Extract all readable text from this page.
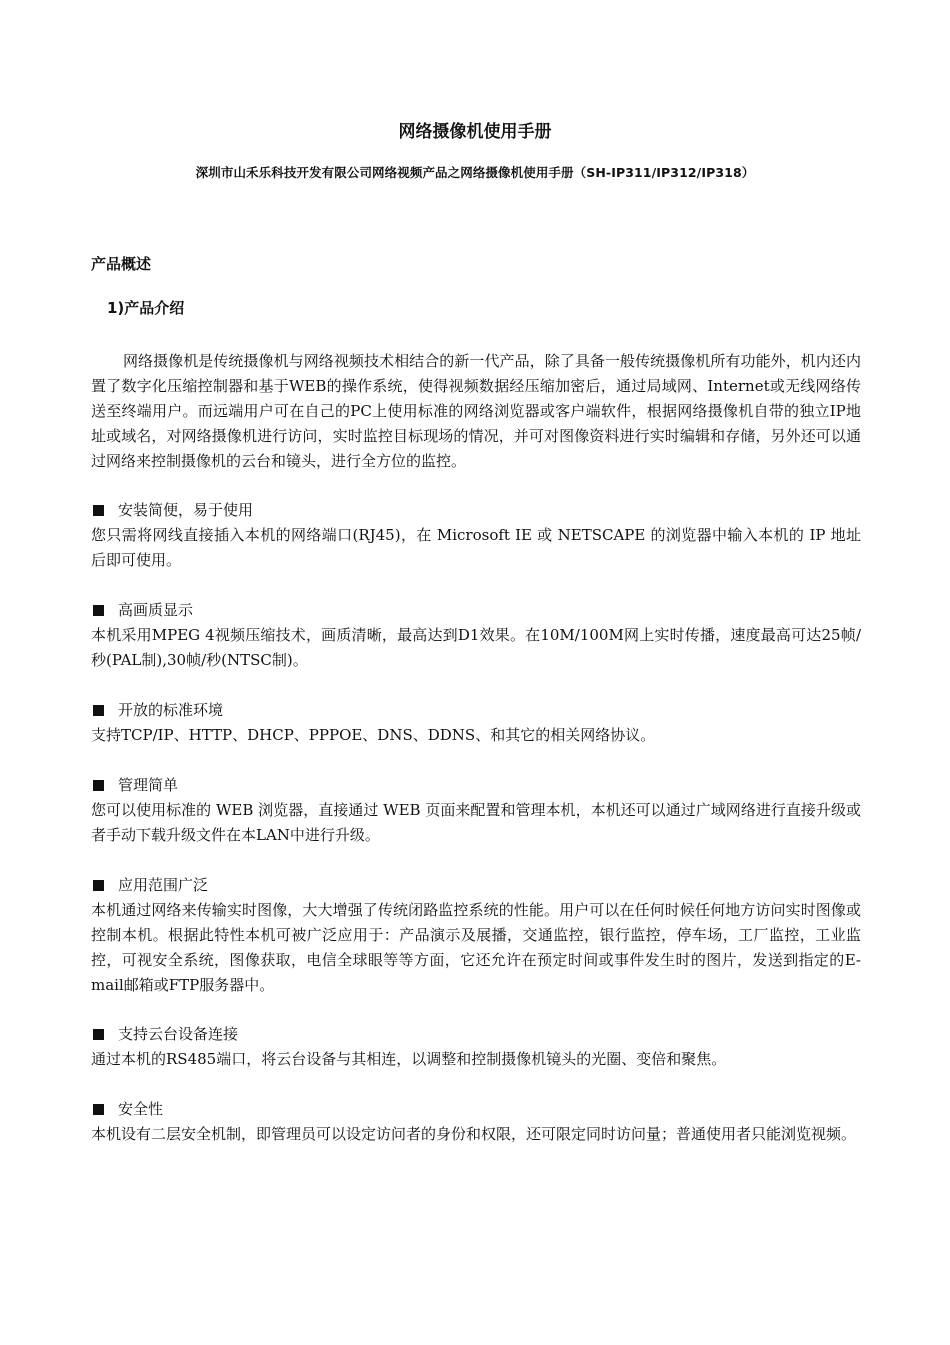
网络摄像机使用手册
深圳市山禾乐科技开发有限公司网络视频产品之网络摄像机使用手册（SH-IP311/IP312/IP318）
产品概述
1)产品介绍

网络摄像机是传统摄像机与网络视频技术相结合的新一代产品，除了具备一般传统摄像机所有功能外，机内还内置了数字化压缩控制器和基于WEB的操作系统，使得视频数据经压缩加密后，通过局域网、Internet或无线网络传送至终端用户。而远端用户可在自己的PC上使用标准的网络浏览器或客户端软件，根据网络摄像机自带的独立IP地址或域名，对网络摄像机进行访问，实时监控目标现场的情况，并可对图像资料进行实时编辑和存储，另外还可以通过网络来控制摄像机的云台和镜头，进行全方位的监控。

安装简便，易于使用

您只需将网线直接插入本机的网络端口(RJ45)，在 Microsoft IE 或 NETSCAPE 的浏览器中输入本机的 IP 地址后即可使用。

高画质显示

本机采用MPEG 4视频压缩技术，画质清晰，最高达到D1效果。在10M/100M网上实时传播，速度最高可达25帧/秒(PAL制),30帧/秒(NTSC制)。

开放的标准环境

支持TCP/IP、HTTP、DHCP、PPPOE、DNS、DDNS、和其它的相关网络协议。

管理简单

您可以使用标准的 WEB 浏览器，直接通过 WEB 页面来配置和管理本机，本机还可以通过广域网络进行直接升级或者手动下载升级文件在本LAN中进行升级。

应用范围广泛

本机通过网络来传输实时图像，大大增强了传统闭路监控系统的性能。用户可以在任何时候任何地方访问实时图像或控制本机。根据此特性本机可被广泛应用于：产品演示及展播，交通监控，银行监控，停车场，工厂监控，工业监控，可视安全系统，图像获取，电信全球眼等等方面，它还允许在预定时间或事件发生时的图片，发送到指定的E-mail邮箱或FTP服务器中。

支持云台设备连接

通过本机的RS485端口，将云台设备与其相连，以调整和控制摄像机镜头的光圈、变倍和聚焦。

安全性

本机设有二层安全机制，即管理员可以设定访问者的身份和权限，还可限定同时访问量；普通使用者只能浏览视频。
